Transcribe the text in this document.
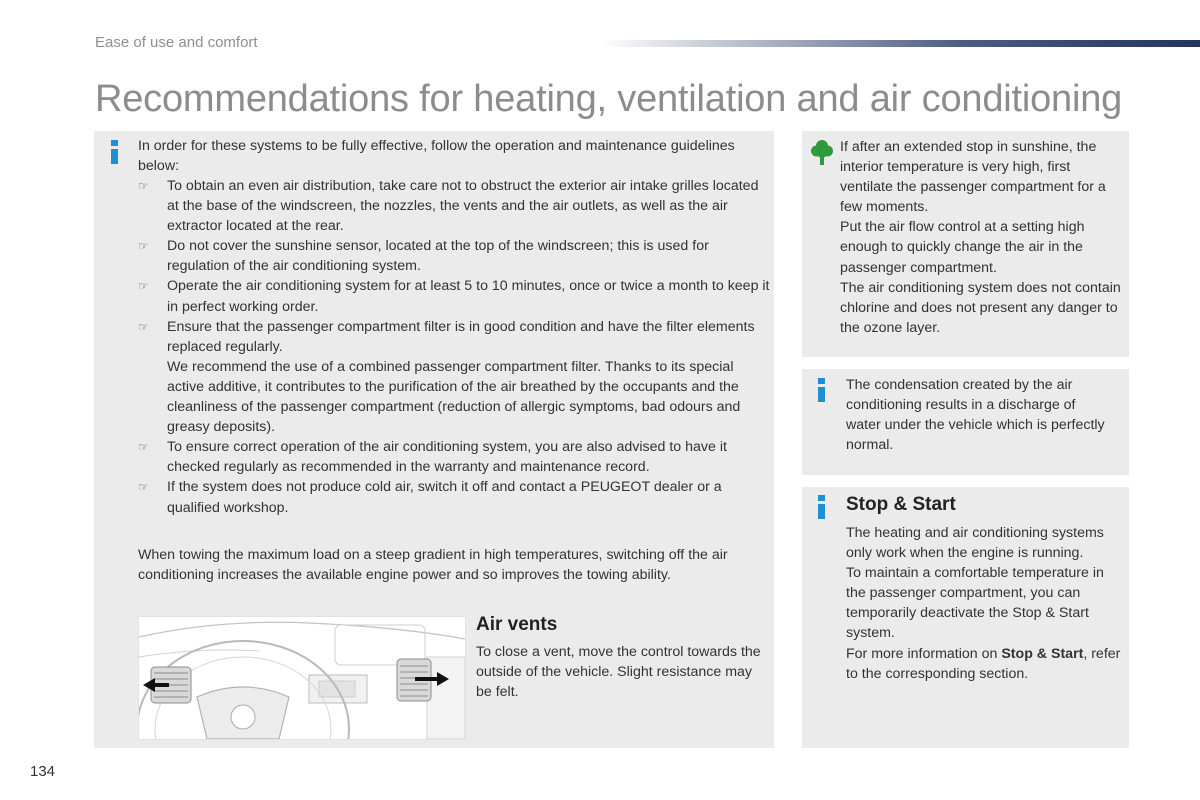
Ease of use and comfort
Recommendations for heating, ventilation and air conditioning
In order for these systems to be fully effective, follow the operation and maintenance guidelines below:
☞ To obtain an even air distribution, take care not to obstruct the exterior air intake grilles located at the base of the windscreen, the nozzles, the vents and the air outlets, as well as the air extractor located at the rear.
☞ Do not cover the sunshine sensor, located at the top of the windscreen; this is used for regulation of the air conditioning system.
☞ Operate the air conditioning system for at least 5 to 10 minutes, once or twice a month to keep it in perfect working order.
☞ Ensure that the passenger compartment filter is in good condition and have the filter elements replaced regularly.
We recommend the use of a combined passenger compartment filter. Thanks to its special active additive, it contributes to the purification of the air breathed by the occupants and the cleanliness of the passenger compartment (reduction of allergic symptoms, bad odours and greasy deposits).
☞ To ensure correct operation of the air conditioning system, you are also advised to have it checked regularly as recommended in the warranty and maintenance record.
☞ If the system does not produce cold air, switch it off and contact a PEUGEOT dealer or a qualified workshop.
When towing the maximum load on a steep gradient in high temperatures, switching off the air conditioning increases the available engine power and so improves the towing ability.
Air vents
To close a vent, move the control towards the outside of the vehicle. Slight resistance may be felt.
If after an extended stop in sunshine, the interior temperature is very high, first ventilate the passenger compartment for a few moments.
Put the air flow control at a setting high enough to quickly change the air in the passenger compartment.
The air conditioning system does not contain chlorine and does not present any danger to the ozone layer.
The condensation created by the air conditioning results in a discharge of water under the vehicle which is perfectly normal.
Stop & Start
The heating and air conditioning systems only work when the engine is running.
To maintain a comfortable temperature in the passenger compartment, you can temporarily deactivate the Stop & Start system.
For more information on Stop & Start, refer to the corresponding section.
134
